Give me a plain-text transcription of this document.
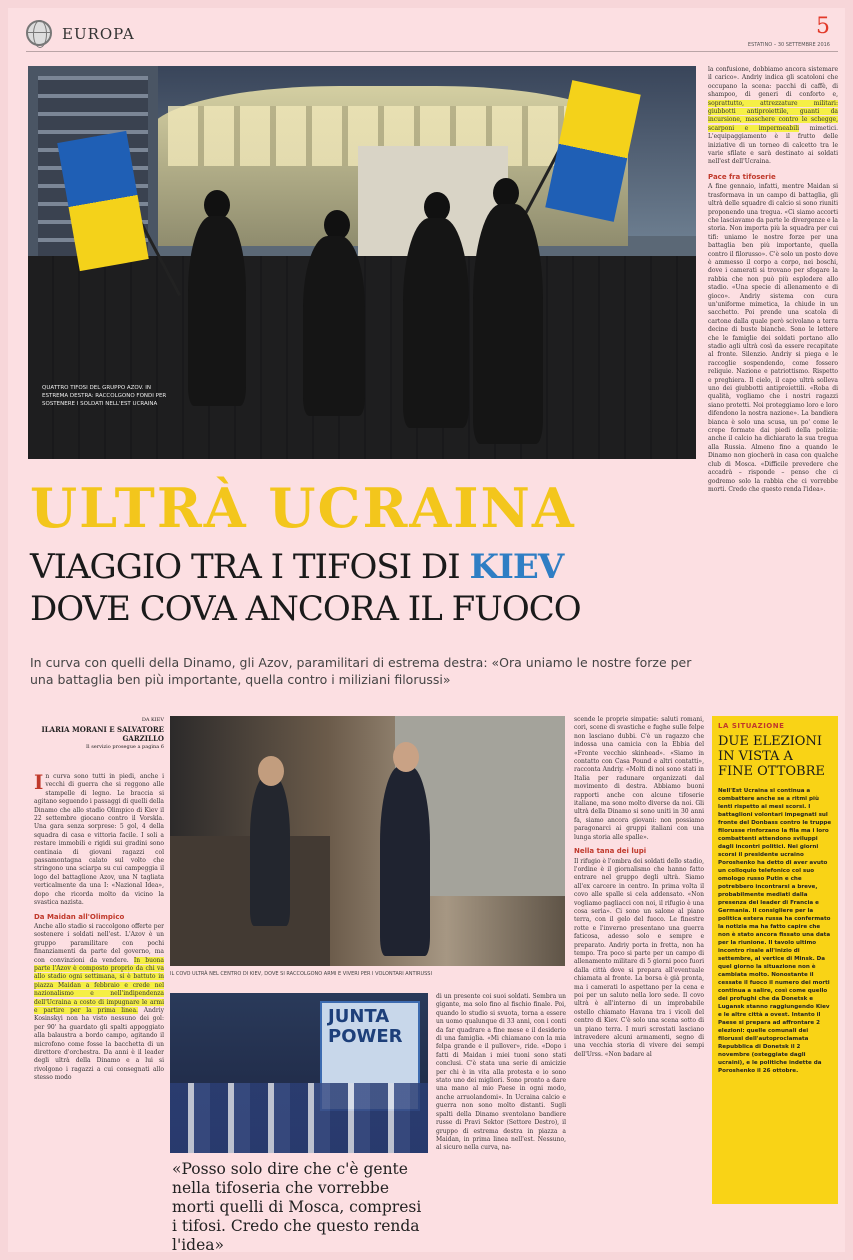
EUROPA	5
ESTATINO – 30 SETTEMBRE 2016
QUATTRO TIFOSI DEL GRUPPO AZOV. IN ESTREMA DESTRA: RACCOLGONO FONDI PER SOSTENERE I SOLDATI NELL'EST UCRAINA
la confusione, dobbiamo ancora sistemare il carico». Andriy indica gli scatoloni che occupano la scena: pacchi di caffè, di shampoo, di generi di conforto e, soprattutto, attrezzature militari: giubbotti antiproiettile, guanti da incursione, maschere contro le schegge, scarponi e impermeabili mimetici. L'equipaggiamento è il frutto delle iniziative di un torneo di calcetto tra le varie sfilate e sarà destinato ai soldati nell'est dell'Ucraina.
Pace fra tifoserie
A fine gennaio, infatti, mentre Maidan si trasformava in un campo di battaglia, gli ultrà delle squadre di calcio si sono riuniti proponendo una tregua. «Ci siamo accorti che lasciavamo da parte le divergenze e la storia. Non importa più la squadra per cui tifi: uniamo le nostre forze per una battaglia ben più importante, quella contro il filorusso». C'è solo un posto dove è ammesso il corpo a corpo, nei boschi, dove i camerati si trovano per sfogare la rabbia che non può più esplodere allo stadio. «Una specie di allenamento e di gioco». Andriy sistema con cura un'uniforme mimetica, la chiude in un sacchetto. Poi prende una scatola di cartone dalla quale però scivolano a terra decine di buste bianche. Sono le lettere che le famiglie dei soldati portano allo stadio agli ultrà così da essere recapitate al fronte. Silenzio. Andriy si piega e le raccoglie sospendendo, come fossero reliquie. Nazione e patriottismo. Rispetto e preghiera. Il cielo, il capo ultrà solleva uno dei giubbotti antiproiettili. «Roba di qualità, vogliamo che i nostri ragazzi siano protetti. Noi proteggiamo loro e loro difendono la nostra nazione». La bandiera bianca è solo una scusa, un po' come le crepe formate dai piedi della polizia: anche il calcio ha dichiarato la sua tregua alla Russia. Almeno fino a quando le Dinamo non giocherà in casa con qualche club di Mosca. «Difficile prevedere che accadrà – risponde – penso che ci godremo solo la rabbia che ci vorrebbe morti. Credo che questo renda l'idea».
ULTRÀ UCRAINA
VIAGGIO TRA I TIFOSI DI KIEV
DOVE COVA ANCORA IL FUOCO
In curva con quelli della Dinamo, gli Azov, paramilitari di estrema destra: «Ora uniamo le nostre forze per una battaglia ben più importante, quella contro i miliziani filorussi»
DA KIEV
ILARIA MORANI E SALVATORE GARZILLO
Il servizio prosegue a pagina 6
In curva sono tutti in piedi, anche i vecchi di guerra che si reggono alle stampelle di legno. Le braccia si agitano seguendo i passaggi di quelli della Dinamo che allo stadio Olimpico di Kiev il 22 settembre giocano contro il Vorskla. Una gara senza sorprese: 5 gol, 4 della squadra di casa e vittoria facile. I soli a restare immobili e rigidi sui gradini sono centinaia di giovani ragazzi col passamontagna calato sul volto che stringono una sciarpa su cui campeggia il logo del battaglione Azov, una N tagliata verticalmente da una I: «Nazional Idea», dopo che ricorda molto da vicino la svastica nazista.
Da Maidan all'Olimpico
Anche allo stadio si raccolgono offerte per sostenere i soldati nell'est. L'Azov è un gruppo paramilitare con pochi finanziamenti da parte del governo, ma con convinzioni da vendere. In buona parte l'Azov è composto proprio da chi va allo stadio ogni settimana, si è battuto in piazza Maidan a febbraio e crede nel nazionalismo e nell'indipendenza dell'Ucraina a costo di impugnare le armi e partire per la prima linea. Andriy Kosinskyi non ha visto nessuno dei gol: per 90' ha guardato gli spalti appoggiato alla balaustra a bordo campo, agitando il microfono come fosse la bacchetta di un direttore d'orchestra. Da anni è il leader degli ultrà della Dinamo e a lui si rivolgono i ragazzi a cui consegnati allo stesso modo
IL COVO ULTRÀ NEL CENTRO DI KIEV, DOVE SI RACCOLGONO ARMI E VIVERI PER I VOLONTARI ANTIRUSSI
JUNTA
POWER
«Posso solo dire che c'è gente nella tifoseria che vorrebbe morti quelli di Mosca, compresi i tifosi. Credo che questo renda l'idea»
di un presente coi suoi soldati. Sembra un gigante, ma solo fino al fischio finale. Poi, quando lo studio si svuota, torna a essere un uomo qualunque di 33 anni, con i conti da far quadrare a fine mese e il desiderio di una famiglia. «Mi chiamano con la mia felpa grande e il pullover», ride. «Dopo i fatti di Maidan i miei tuoni sono stati conclusi. C'è stata una serie di amicizie per chi è in vita alla protesta e io sono stato uno dei migliori. Sono pronto a dare una mano al mio Paese in ogni modo, anche arruolandomi». In Ucraina calcio e guerra non sono molto distanti. Sugli spalti della Dinamo sventolano bandiere russe di Pravi Sektor (Settore Destro), il gruppo di estrema destra in piazza a Maidan, in prima linea nell'est. Nessuno, al sicuro nella curva, na-
scende le proprie simpatie: saluti romani, cori, scene di svastiche e fughe sulle felpe non lasciano dubbi. C'è un ragazzo che indossa una camicia con la Ebbia del «Fronte vecchio skinhead». «Siamo in contatto con Casa Pound e altri contatti», racconta Andriy. «Molti di noi sono stati in Italia per radunare organizzati dal movimento di destra. Abbiamo buoni rapporti anche con alcune tifoserie italiane, ma sono molto diverse da noi. Gli ultrà della Dinamo si sono uniti in 30 anni fa, siamo ancora giovani: non possiamo paragonarci ai gruppi italiani con una lunga storia alle spalle».
Nella tana dei lupi
Il rifugio è l'ombra dei soldati dello stadio, l'ordine è il giornalismo che hanno fatto entrare nel gruppo degli ultrà. Siamo all'ex carcere in centro. In prima volta il covo alle spalle si cela addensato. «Non vogliamo pagliacci con noi, il rifugio è una cosa seria». Ci sono un salone al piano terra, con il gelo del fuoco. Le finestre rotte e l'inverno presentano una guerra faticosa, adesso solo e sempre e preparato. Andriy porta in fretta, non ha tempo. Tra poco si parte per un campo di allenamento militare di 5 giorni poco fuori dalla città dove si prepara all'eventuale chiamata al fronte. La borsa è già pronta, ma i camerati lo aspettano per la cena e poi per un saluto nella loro sede. Il covo ultrà è all'interno di un improbabile ostello chiamato Havana tra i vicoli del centro di Kiev. C'è solo una scena sotto di un piano terra. I muri scrostati lasciano intravedere alcuni armamenti, segno di una vecchia storia di vivere dei sempi dell'Urss. «Non badare al
LA SITUAZIONE
DUE ELEZIONI IN VISTA A FINE OTTOBRE
Nell'Est Ucraina si continua a combattere anche se a ritmi più lenti rispetto ai mesi scorsi. I battaglioni volontari impegnati sul fronte del Donbass contro le truppe filorusse rinforzano la fila ma i loro combattenti attendono sviluppi dagli incontri politici. Nei giorni scorsi il presidente ucraino Poroshenko ha detto di aver avuto un colloquio telefonico col suo omologo russo Putin e che potrebbero incontrarsi a breve, probabilmente mediati dalla presenza dei leader di Francia e Germania. Il consigliere per la politica estera russa ha confermato la notizia ma ha fatto capire che non è stato ancora fissato una data per la riunione. Il tavolo ultimo incontro risale all'inizio di settembre, al vertice di Minsk. Da quel giorno la situazione non è cambiata molto. Nonostante il cessate il fuoco il numero dei morti continua a salire, così come quello dei profughi che da Donetsk e Lugansk stanno raggiungendo Kiev e le altre città a ovest. Intanto il Paese si prepara ad affrontare 2 elezioni: quelle comunali dei filorussi dell'autoproclamata Repubblica di Donetsk il 2 novembre (osteggiate dagli ucraini), e le politiche indette da Poroshenko il 26 ottobre.
